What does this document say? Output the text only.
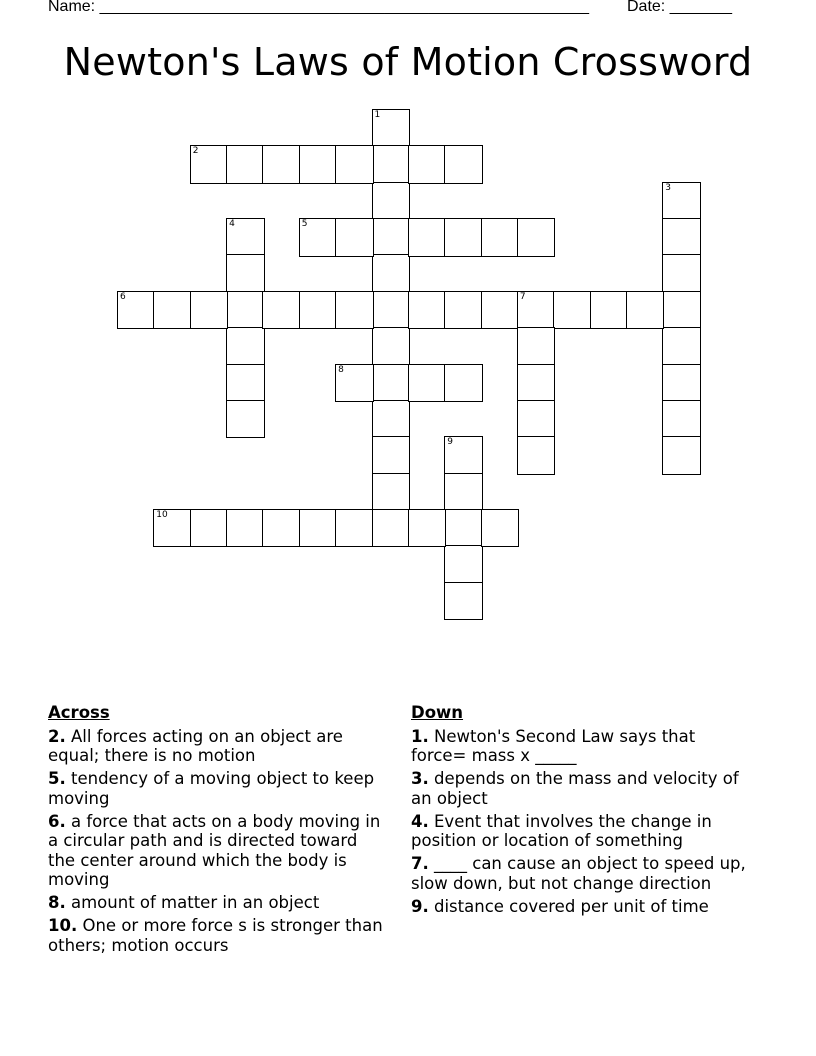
Name: _______________________________________________________ Date: _______
Newton's Laws of Motion Crossword
1
2
3
4	5
6	7
8
9
10
Across
2. All forces acting on an object are equal; there is no motion
5. tendency of a moving object to keep moving
6. a force that acts on a body moving in a circular path and is directed toward the center around which the body is moving
8. amount of matter in an object
10. One or more force s is stronger than others; motion occurs
Down
1. Newton's Second Law says that force= mass x _____
3. depends on the mass and velocity of an object
4. Event that involves the change in position or location of something
7. ____ can cause an object to speed up, slow down, but not change direction
9. distance covered per unit of time
